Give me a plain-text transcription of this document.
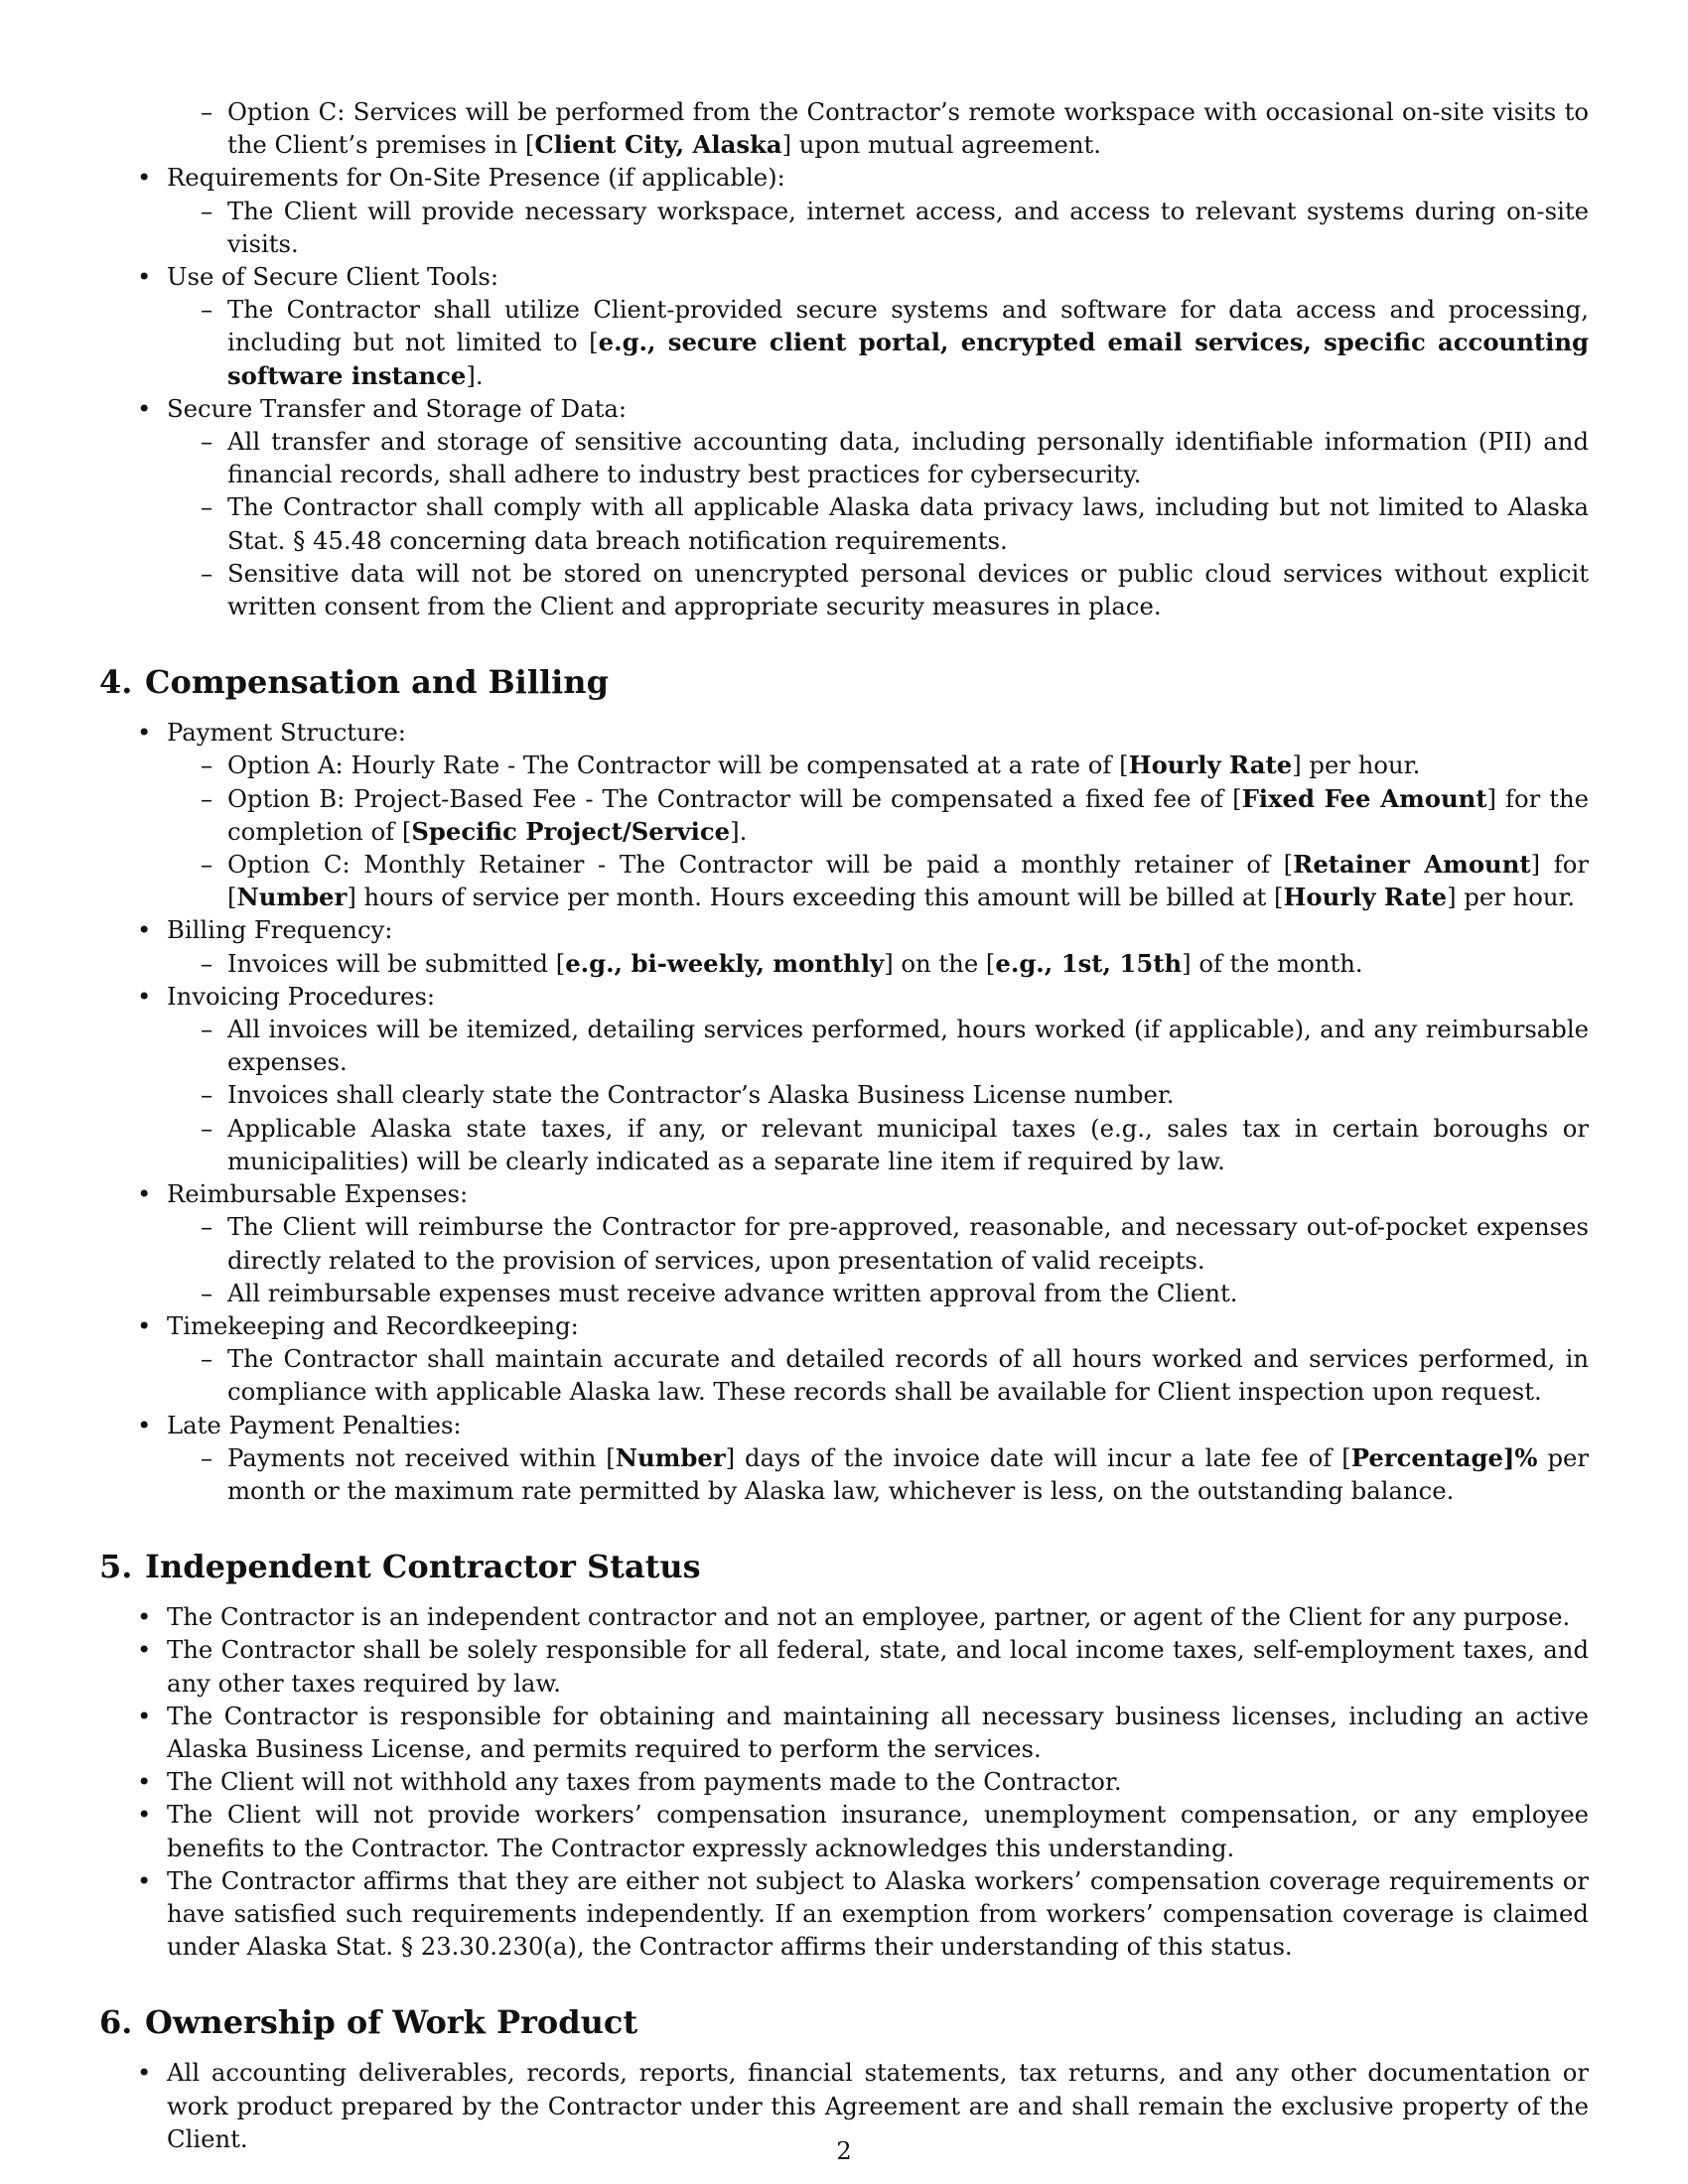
– Option C: Services will be performed from the Contractor’s remote workspace with occasional on-site visits to the Client’s premises in [Client City, Alaska] upon mutual agreement.
• Requirements for On-Site Presence (if applicable):
– The Client will provide necessary workspace, internet access, and access to relevant systems during on-site visits.
• Use of Secure Client Tools:
– The Contractor shall utilize Client-provided secure systems and software for data access and processing, including but not limited to [e.g., secure client portal, encrypted email services, specific accounting software instance].
• Secure Transfer and Storage of Data:
– All transfer and storage of sensitive accounting data, including personally identifiable information (PII) and financial records, shall adhere to industry best practices for cybersecurity.
– The Contractor shall comply with all applicable Alaska data privacy laws, including but not limited to Alaska Stat. § 45.48 concerning data breach notification requirements.
– Sensitive data will not be stored on unencrypted personal devices or public cloud services without explicit written consent from the Client and appropriate security measures in place.
4. Compensation and Billing
• Payment Structure:
– Option A: Hourly Rate - The Contractor will be compensated at a rate of [Hourly Rate] per hour.
– Option B: Project-Based Fee - The Contractor will be compensated a fixed fee of [Fixed Fee Amount] for the completion of [Specific Project/Service].
– Option C: Monthly Retainer - The Contractor will be paid a monthly retainer of [Retainer Amount] for [Number] hours of service per month. Hours exceeding this amount will be billed at [Hourly Rate] per hour.
• Billing Frequency:
– Invoices will be submitted [e.g., bi-weekly, monthly] on the [e.g., 1st, 15th] of the month.
• Invoicing Procedures:
– All invoices will be itemized, detailing services performed, hours worked (if applicable), and any reimbursable expenses.
– Invoices shall clearly state the Contractor’s Alaska Business License number.
– Applicable Alaska state taxes, if any, or relevant municipal taxes (e.g., sales tax in certain boroughs or municipalities) will be clearly indicated as a separate line item if required by law.
• Reimbursable Expenses:
– The Client will reimburse the Contractor for pre-approved, reasonable, and necessary out-of-pocket expenses directly related to the provision of services, upon presentation of valid receipts.
– All reimbursable expenses must receive advance written approval from the Client.
• Timekeeping and Recordkeeping:
– The Contractor shall maintain accurate and detailed records of all hours worked and services performed, in compliance with applicable Alaska law. These records shall be available for Client inspection upon request.
• Late Payment Penalties:
– Payments not received within [Number] days of the invoice date will incur a late fee of [Percentage]% per month or the maximum rate permitted by Alaska law, whichever is less, on the outstanding balance.
5. Independent Contractor Status
• The Contractor is an independent contractor and not an employee, partner, or agent of the Client for any purpose.
• The Contractor shall be solely responsible for all federal, state, and local income taxes, self-employment taxes, and any other taxes required by law.
• The Contractor is responsible for obtaining and maintaining all necessary business licenses, including an active Alaska Business License, and permits required to perform the services.
• The Client will not withhold any taxes from payments made to the Contractor.
• The Client will not provide workers’ compensation insurance, unemployment compensation, or any employee benefits to the Contractor. The Contractor expressly acknowledges this understanding.
• The Contractor affirms that they are either not subject to Alaska workers’ compensation coverage requirements or have satisfied such requirements independently. If an exemption from workers’ compensation coverage is claimed under Alaska Stat. § 23.30.230(a), the Contractor affirms their understanding of this status.
6. Ownership of Work Product
• All accounting deliverables, records, reports, financial statements, tax returns, and any other documentation or work product prepared by the Contractor under this Agreement are and shall remain the exclusive property of the Client.	2
